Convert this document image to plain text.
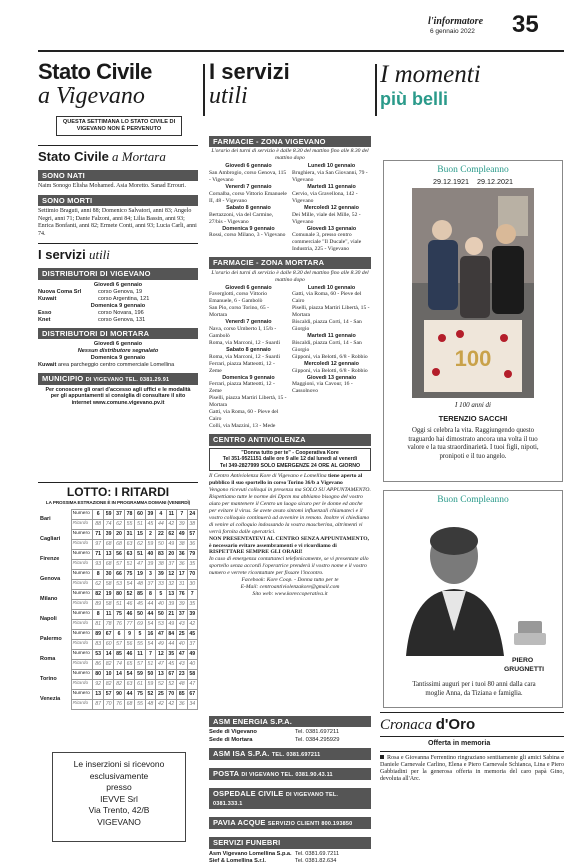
l'informatore
6 gennaio 2022 35
Stato Civile
a Vigevano
QUESTA SETTIMANA LO STATO CIVILE DI VIGEVANO NON È PERVENUTO
Stato Civile a Mortara
SONO NATI
Naim Sonogo Elisha Mohamed. Asia Moretto. Sanad Errouri.
SONO MORTI
Settimio Braguti, anni 88; Domenico Salvatori, anni 83; Angelo Negri, anni 71; Dante Falzoni, anni 84; Lilia Bassin, anni 93; Enrica Bonfanti, anni 82; Ermete Conti, anni 93; Lucia Carli, anni 74.
I servizi utili
DISTRIBUTORI DI VIGEVANO
Giovedì 6 gennaio
Nuova Coma Srl	corso Genova, 19
Kuwait	corso Argentina, 121
Domenica 9 gennaio
Esso	corso Novara, 196
Knet	corso Genova, 131
DISTRIBUTORI DI MORTARA
Giovedì 6 gennaio
Nessun distributore segnalato
Domenica 9 gennaio
Kuwait area parcheggio centro commerciale Lomellina
MUNICIPIO DI VIGEVANO TEL. 0381.29.91
Per conoscere gli orari d'accesso agli uffici e le modalità per gli appuntamenti si consiglia di consultare il sito internet www.comune.vigevano.pv.it
LOTTO: I RITARDI
LA PROSSIMA ESTRAZIONE È IN PROGRAMMA DOMANI (VENERDÌ)
Bari	Numero	6	59	37	78	60	39	4	11	7	24
	Ritardo	88	74	62	55	51	45	44	42	39	38
Cagliari	Numero	71	39	20	31	15	2	22	62	49	57
	Ritardo	97	68	68	63	62	59	50	49	38	36
Firenze	Numero	71	13	56	63	51	40	83	20	36	79
	Ritardo	93	68	57	51	47	39	38	37	36	35
Genova	Numero	8	30	66	75	19	3	39	12	17	70
	Ritardo	62	58	53	54	48	37	33	32	31	30
Milano	Numero	82	19	80	52	85	8	5	13	76	7
	Ritardo	89	58	51	46	45	44	40	39	39	35
Napoli	Numero	8	11	75	46	50	44	50	21	37	39
	Ritardo	81	78	76	77	69	54	53	49	43	42
Palermo	Numero	89	67	6	9	5	16	47	84	25	45
	Ritardo	83	60	57	56	55	54	49	44	40	37
Roma	Numero	53	14	85	46	11	7	12	35	47	49
	Ritardo	86	82	74	65	57	51	47	45	43	40
Torino	Numero	80	10	14	54	59	50	13	67	23	58
	Ritardo	92	82	82	63	61	59	52	52	48	47
Venezia	Numero	13	57	90	44	75	52	25	70	85	67
	Ritardo	87	70	76	68	55	48	42	42	36	34
Le inserzioni si ricevono
esclusivamente
presso
IEVVE Srl
Via Trento, 42/B
VIGEVANO
I servizi
utili
FARMACIE - ZONA VIGEVANO
L'orario dei turni di servizio è dalle 8.30 del mattino fino alle 8.30 del mattino dopo
Giovedì 6 gennaio
San Ambrogio, corso Genova, 115 - Vigevano
Venerdì 7 gennaio
Cornalba, corso Vittorio Emanuele II, 48 - Vigevano
Sabato 8 gennaio
Bertazzoni, via del Carmine, 27/bis - Vigevano
Domenica 9 gennaio
Rossi, corso Milano, 3 - Vigevano
Lunedì 10 gennaio
Brughiera, via San Giovanni, 79 - Vigevano
Martedì 11 gennaio
Cervio, via Gravellona, 142 - Vigevano
Mercoledì 12 gennaio
Dei Mille, viale dei Mille, 52 - Vigevano
Giovedì 13 gennaio
Comunale 3, presso centro commerciale "Il Ducale", viale Industria, 225 - Vigevano
FARMACIE - ZONA MORTARA
L'orario dei turni di servizio è dalle 8.30 del mattino fino alle 8.30 del mattino dopo
Giovedì 6 gennaio
Faverglotti, corso Vittorio Emanuele, 6 - Gambolò
San Pio, corso Torino, 65 - Mortara
Venerdì 7 gennaio
Nava, corso Umberto I, 15/b - Gambolò
Roma, via Marconi, 12 - Suardi
Sabato 8 gennaio
Roma, via Marconi, 12 - Suardi
Ferrari, piazza Matteotti, 12 - Zeme
Domenica 9 gennaio
Ferrari, piazza Matteotti, 12 - Zeme
Piselli, piazza Martiri Libertà, 15 - Mortara
Gatti, via Roma, 60 - Pieve del Cairo
Colli, via Mazzini, 13 - Mede
Lunedì 10 gennaio
Gatti, via Roma, 60 - Pieve del Cairo
Piselli, piazza Martiri Libertà, 15 - Mortara
Biscaldi, piazza Corti, 14 - San Giorgio
Martedì 11 gennaio
Biscaldi, piazza Corti, 14 - San Giorgio
Gipponi, via Belotti, 6/8 - Robbio
Mercoledì 12 gennaio
Gipponi, via Belotti, 6/8 - Robbio
Giovedì 13 gennaio
Maggioni, via Cavour, 16 - Cassolnovo
CENTRO ANTIVIOLENZA
"Donna tutto per te" - Cooperativa Kore
Tel 351-9521151 dalle ore 9 alle 12 dal lunedì al venerdì
Tel 349-2827999 SOLO EMERGENZE 24 ORE AL GIORNO

Il Centro Antiviolenza Kore di Vigevano e Lomellina tiene aperto al pubblico il suo sportello in corso Torino 36/b a Vigevano

Vengono ricevuti colloqui in presenza ma SOLO SU APPUNTAMENTO.

Rispettiamo tutte le norme dei Dpcm ma abbiamo bisogno del vostro aiuto per mantenere il Centro un luogo sicuro per le donne ed anche per evitare il virus. Se avete avuto sintomi influenzali chiamateci e il vostro colloquio continuerà ad avvenire in remoto. Inoltre vi chiediamo di venire al colloquio indossando la vostra mascherina, altrimenti vi verrà fornita dalle operatrici.

NON PRESENTATEVI AL CENTRO SENZA APPUNTAMENTO, è necessario evitare assembramenti e vi ricordiamo di RISPETTARE SEMPRE GLI ORARI!

In caso di emergenza contattateci telefonicamente, se vi presentate allo sportello senza accordi l'operatrice prenderà il vostro nome e il vostro numero e verrete ricontattate per fissare l'incontro.

Facebook: Kore Coop. - Donna tutto per te

E-Mail: centroantiviolenzakore@gmail.com

Sito web: www.koreccoperativa.it

ASM ENERGIA S.P.A.
Sede di Vigevano	Tel. 0381.697211
Sede di Mortara	Tel. 0384.295929
ASM ISA S.P.A. TEL. 0381.697211
POSTA DI VIGEVANO TEL. 0381.90.43.11
OSPEDALE CIVILE DI VIGEVANO TEL. 0381.333.1
PAVIA ACQUE SERVIZIO CLIENTI 800.193850
SERVIZI FUNEBRI
Asm Vigevano Lomellina S.p.a. Tel. 0381.69.7211
Sief & Lomellina S.r.l.	Tel. 0381.82.634
I momenti
più belli
Buon Compleanno
29.12.1921    29.12.2021
100
I 100 anni di
TERENZIO SACCHI
Oggi si celebra la vita. Raggiungendo questo traguardo hai dimostrato ancora una volta il tuo valore e la tua straordinarietà. I tuoi figli, nipoti, pronipoti e il tuo angelo.
Buon Compleanno
PIERO
GRUGNETTI
Tantissimi auguri per i tuoi 80 anni dalla cara moglie Anna, da Tiziana e famiglia.
Cronaca d'Oro
Offerta in memoria
Rosa e Giovanna Ferrentino ringraziano sentitamente gli amici Sabina e Daniele Carnevale Carlino, Elena e Piero Carnevale Schianca, Lina e Piero Gabbiadini per la generosa offerta in memoria del caro papà Gino, devoluta all'Arc.
